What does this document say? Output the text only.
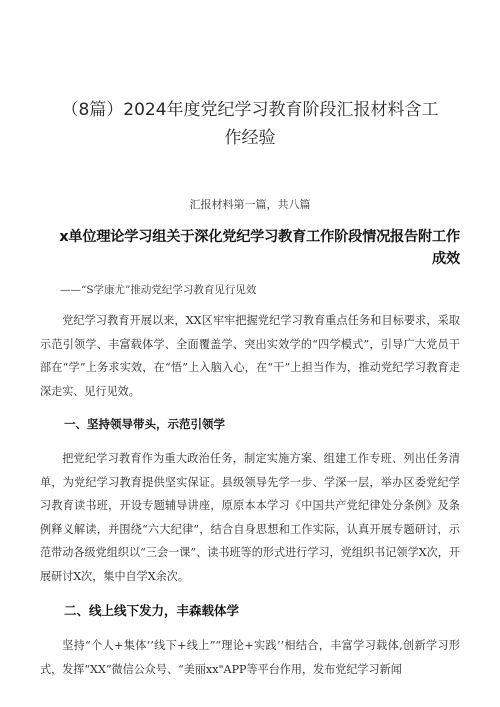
（8篇）2024年度党纪学习教育阶段汇报材料含工
作经验
汇报材料第一篇，共八篇
x单位理论学习组关于深化党纪学习教育工作阶段情况报告附工作
成效
——“S学康尤”推动党纪学习教育见行见效

党纪学习教育开展以来，XX区牢牢把握党纪学习教育重点任务和目标要求，采取示范引领学、丰富载体学、全面覆盖学、突出实效学的“四学模式”，引导广大党员干部在“学”上务求实效，在“悟”上入脑入心，在“干”上担当作为，推动党纪学习教育走深走实、见行见效。

一、坚持领导带头，示范引领学

把党纪学习教育作为重大政治任务，制定实施方案、组建工作专班、列出任务清单，为党纪学习教育提供坚实保证。县级领导先学一步、学深一层，举办区委党纪学习教育读书班，开设专题辅导讲座，原原本本学习《中国共产党纪律处分条例》及条例释义解读，并围绕“六大纪律”，结合自身思想和工作实际，认真开展专题研讨，示范带动各级党组织以“三会一课”、读书班等的形式进行学习，党组织书记领学X次，开展研讨X次，集中自学X余次。

二、线上线下发力，丰森载体学

坚持“个人+集体’’线下+线上”“理论+实践’’相结合，丰富学习载体,创新学习形式，发挥“XX”微信公众号、“美丽xx"APP等平台作用，发布党纪学习新闻
